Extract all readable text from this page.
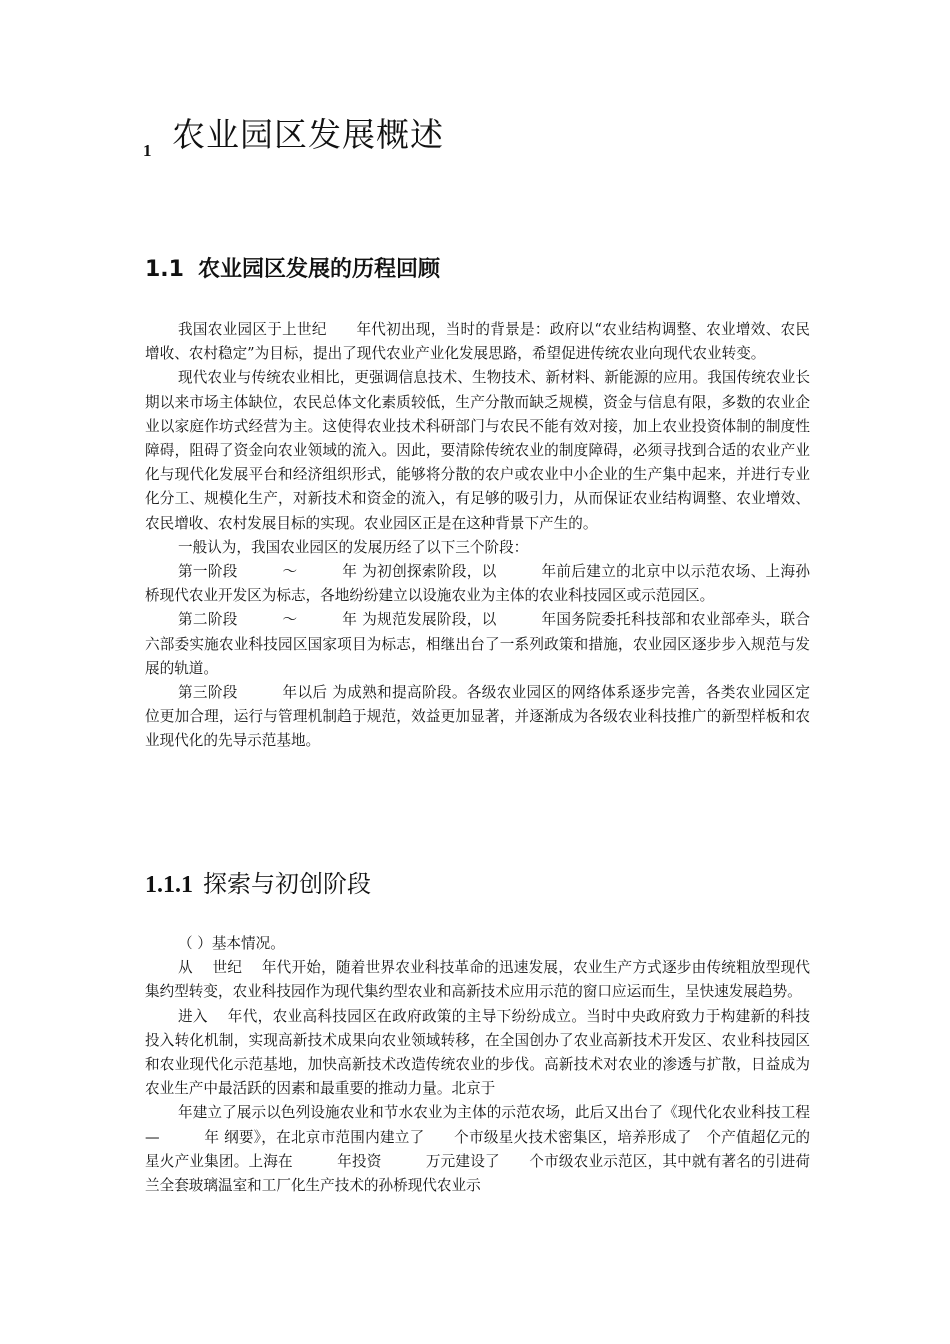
1 农业园区发展概述
1.1 农业园区发展的历程回顾

我国农业园区于上世纪　　年代初出现，当时的背景是：政府以“农业结构调整、农业增效、农民增收、农村稳定”为目标，提出了现代农业产业化发展思路，希望促进传统农业向现代农业转变。

现代农业与传统农业相比，更强调信息技术、生物技术、新材料、新能源的应用。我国传统农业长期以来市场主体缺位，农民总体文化素质较低，生产分散而缺乏规模，资金与信息有限，多数的农业企业以家庭作坊式经营为主。这使得农业技术科研部门与农民不能有效对接，加上农业投资体制的制度性障碍，阻碍了资金向农业领域的流入。因此，要清除传统农业的制度障碍，必须寻找到合适的农业产业化与现代化发展平台和经济组织形式，能够将分散的农户或农业中小企业的生产集中起来，并进行专业化分工、规模化生产，对新技术和资金的流入，有足够的吸引力，从而保证农业结构调整、农业增效、农民增收、农村发展目标的实现。农业园区正是在这种背景下产生的。

一般认为，我国农业园区的发展历经了以下三个阶段：

第一阶段　　　～　　　年 为初创探索阶段，以　　　年前后建立的北京中以示范农场、上海孙桥现代农业开发区为标志，各地纷纷建立以设施农业为主体的农业科技园区或示范园区。

第二阶段　　　～　　　年 为规范发展阶段，以　　　年国务院委托科技部和农业部牵头，联合六部委实施农业科技园区国家项目为标志，相继出台了一系列政策和措施，农业园区逐步步入规范与发展的轨道。

第三阶段　　　年以后 为成熟和提高阶段。各级农业园区的网络体系逐步完善，各类农业园区定位更加合理，运行与管理机制趋于规范，效益更加显著，并逐渐成为各级农业科技推广的新型样板和农业现代化的先导示范基地。

1.1.1 探索与初创阶段

（ ）基本情况。

从　 世纪　 年代开始，随着世界农业科技革命的迅速发展，农业生产方式逐步由传统粗放型现代集约型转变，农业科技园作为现代集约型农业和高新技术应用示范的窗口应运而生，呈快速发展趋势。

进入　 年代，农业高科技园区在政府政策的主导下纷纷成立。当时中央政府致力于构建新的科技投入转化机制，实现高新技术成果向农业领域转移，在全国创办了农业高新技术开发区、农业科技园区和农业现代化示范基地，加快高新技术改造传统农业的步伐。高新技术对农业的渗透与扩散，日益成为农业生产中最活跃的因素和最重要的推动力量。北京于

年建立了展示以色列设施农业和节水农业为主体的示范农场，此后又出台了《现代化农业科技工程　　　—　　　年 纲要》，在北京市范围内建立了　　个市级星火技术密集区，培养形成了　个产值超亿元的星火产业集团。上海在　　　年投资　　　万元建设了　　个市级农业示范区，其中就有著名的引进荷兰全套玻璃温室和工厂化生产技术的孙桥现代农业示
